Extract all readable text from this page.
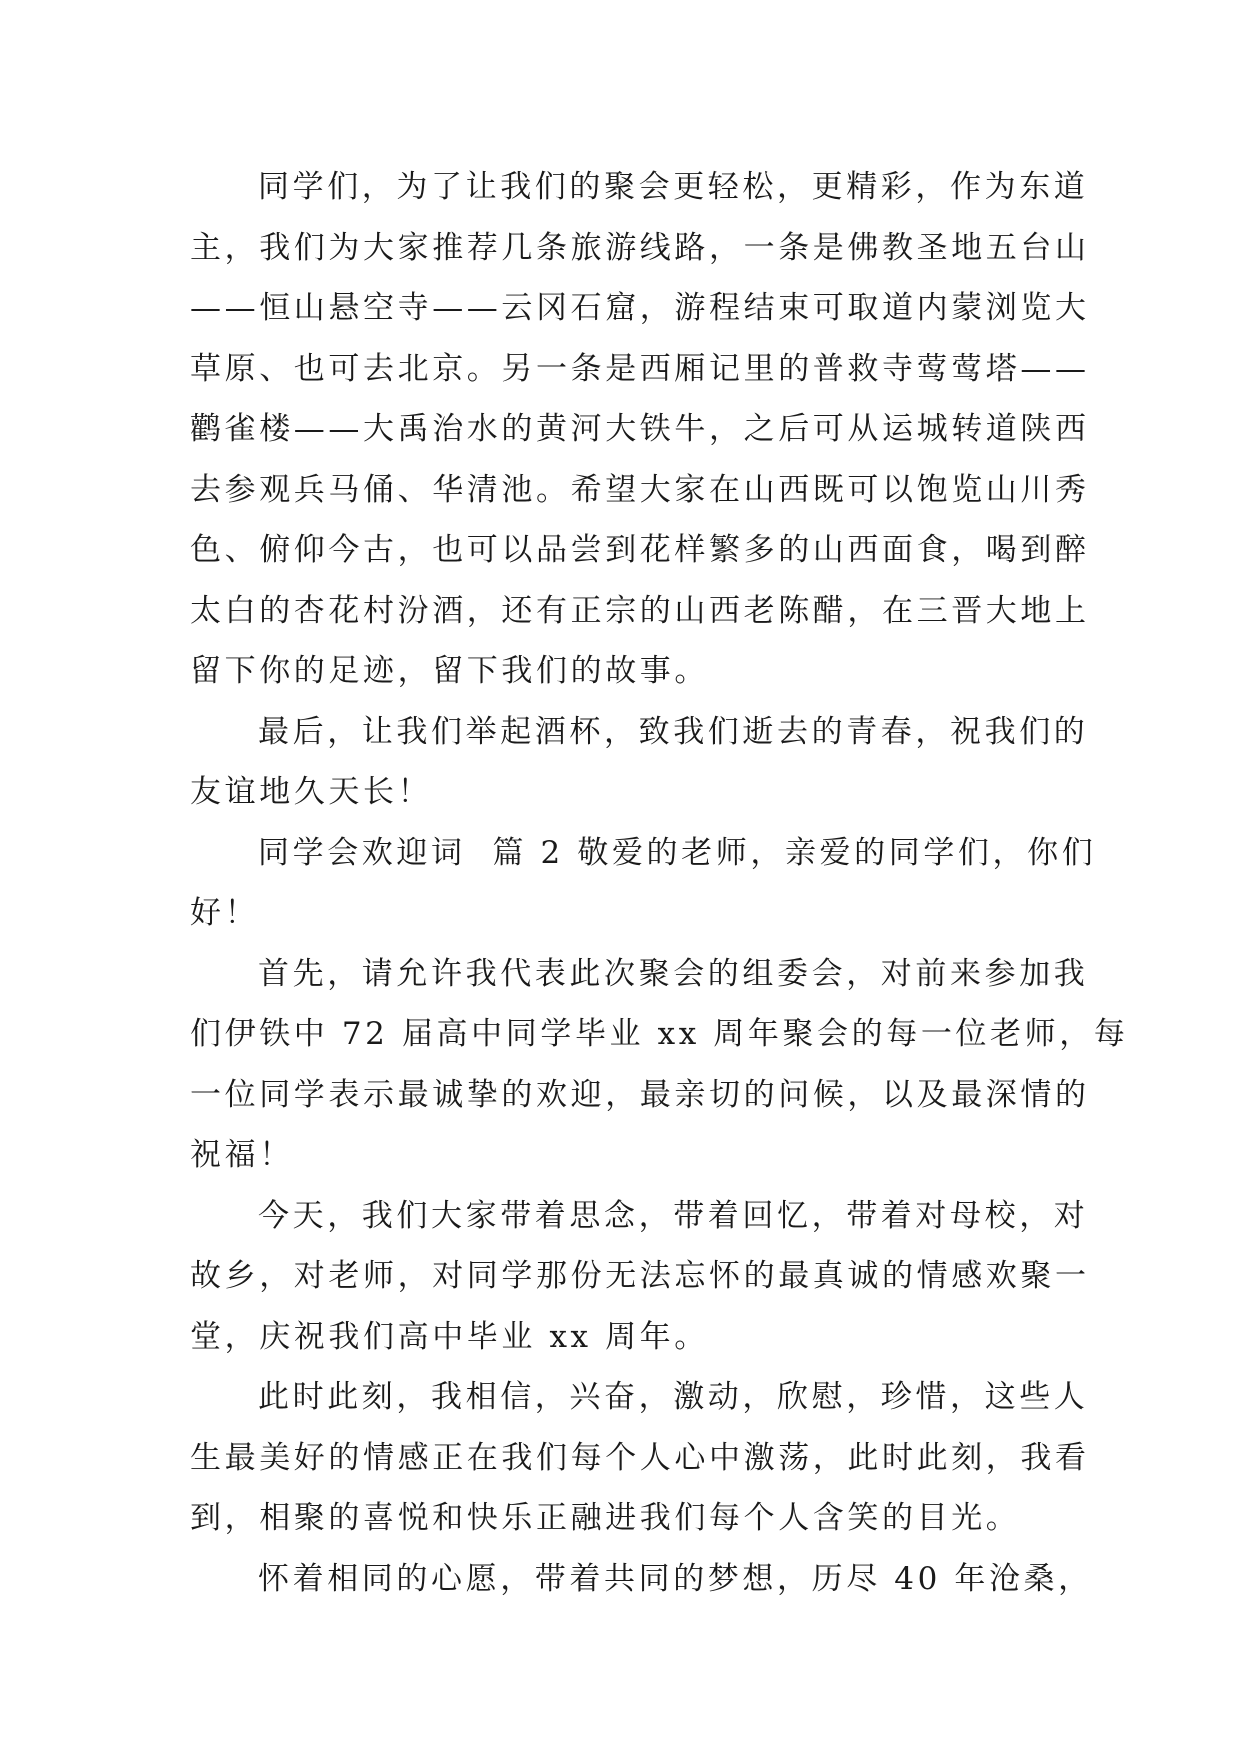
同学们，为了让我们的聚会更轻松，更精彩，作为东道
主，我们为大家推荐几条旅游线路，一条是佛教圣地五台山
——恒山悬空寺——云冈石窟，游程结束可取道内蒙浏览大
草原、也可去北京。另一条是西厢记里的普救寺莺莺塔——
鹳雀楼——大禹治水的黄河大铁牛，之后可从运城转道陕西
去参观兵马俑、华清池。希望大家在山西既可以饱览山川秀
色、俯仰今古，也可以品尝到花样繁多的山西面食，喝到醉
太白的杏花村汾酒，还有正宗的山西老陈醋，在三晋大地上
留下你的足迹，留下我们的故事。
最后，让我们举起酒杯，致我们逝去的青春，祝我们的
友谊地久天长！
同学会欢迎词  篇 2 敬爱的老师，亲爱的同学们，你们
好！
首先，请允许我代表此次聚会的组委会，对前来参加我
们伊铁中 72 届高中同学毕业 xx 周年聚会的每一位老师，每
一位同学表示最诚挚的欢迎，最亲切的问候，以及最深情的
祝福！
今天，我们大家带着思念，带着回忆，带着对母校，对
故乡，对老师，对同学那份无法忘怀的最真诚的情感欢聚一
堂，庆祝我们高中毕业 xx 周年。
此时此刻，我相信，兴奋，激动，欣慰，珍惜，这些人
生最美好的情感正在我们每个人心中激荡，此时此刻，我看
到，相聚的喜悦和快乐正融进我们每个人含笑的目光。
怀着相同的心愿，带着共同的梦想，历尽 40 年沧桑，
